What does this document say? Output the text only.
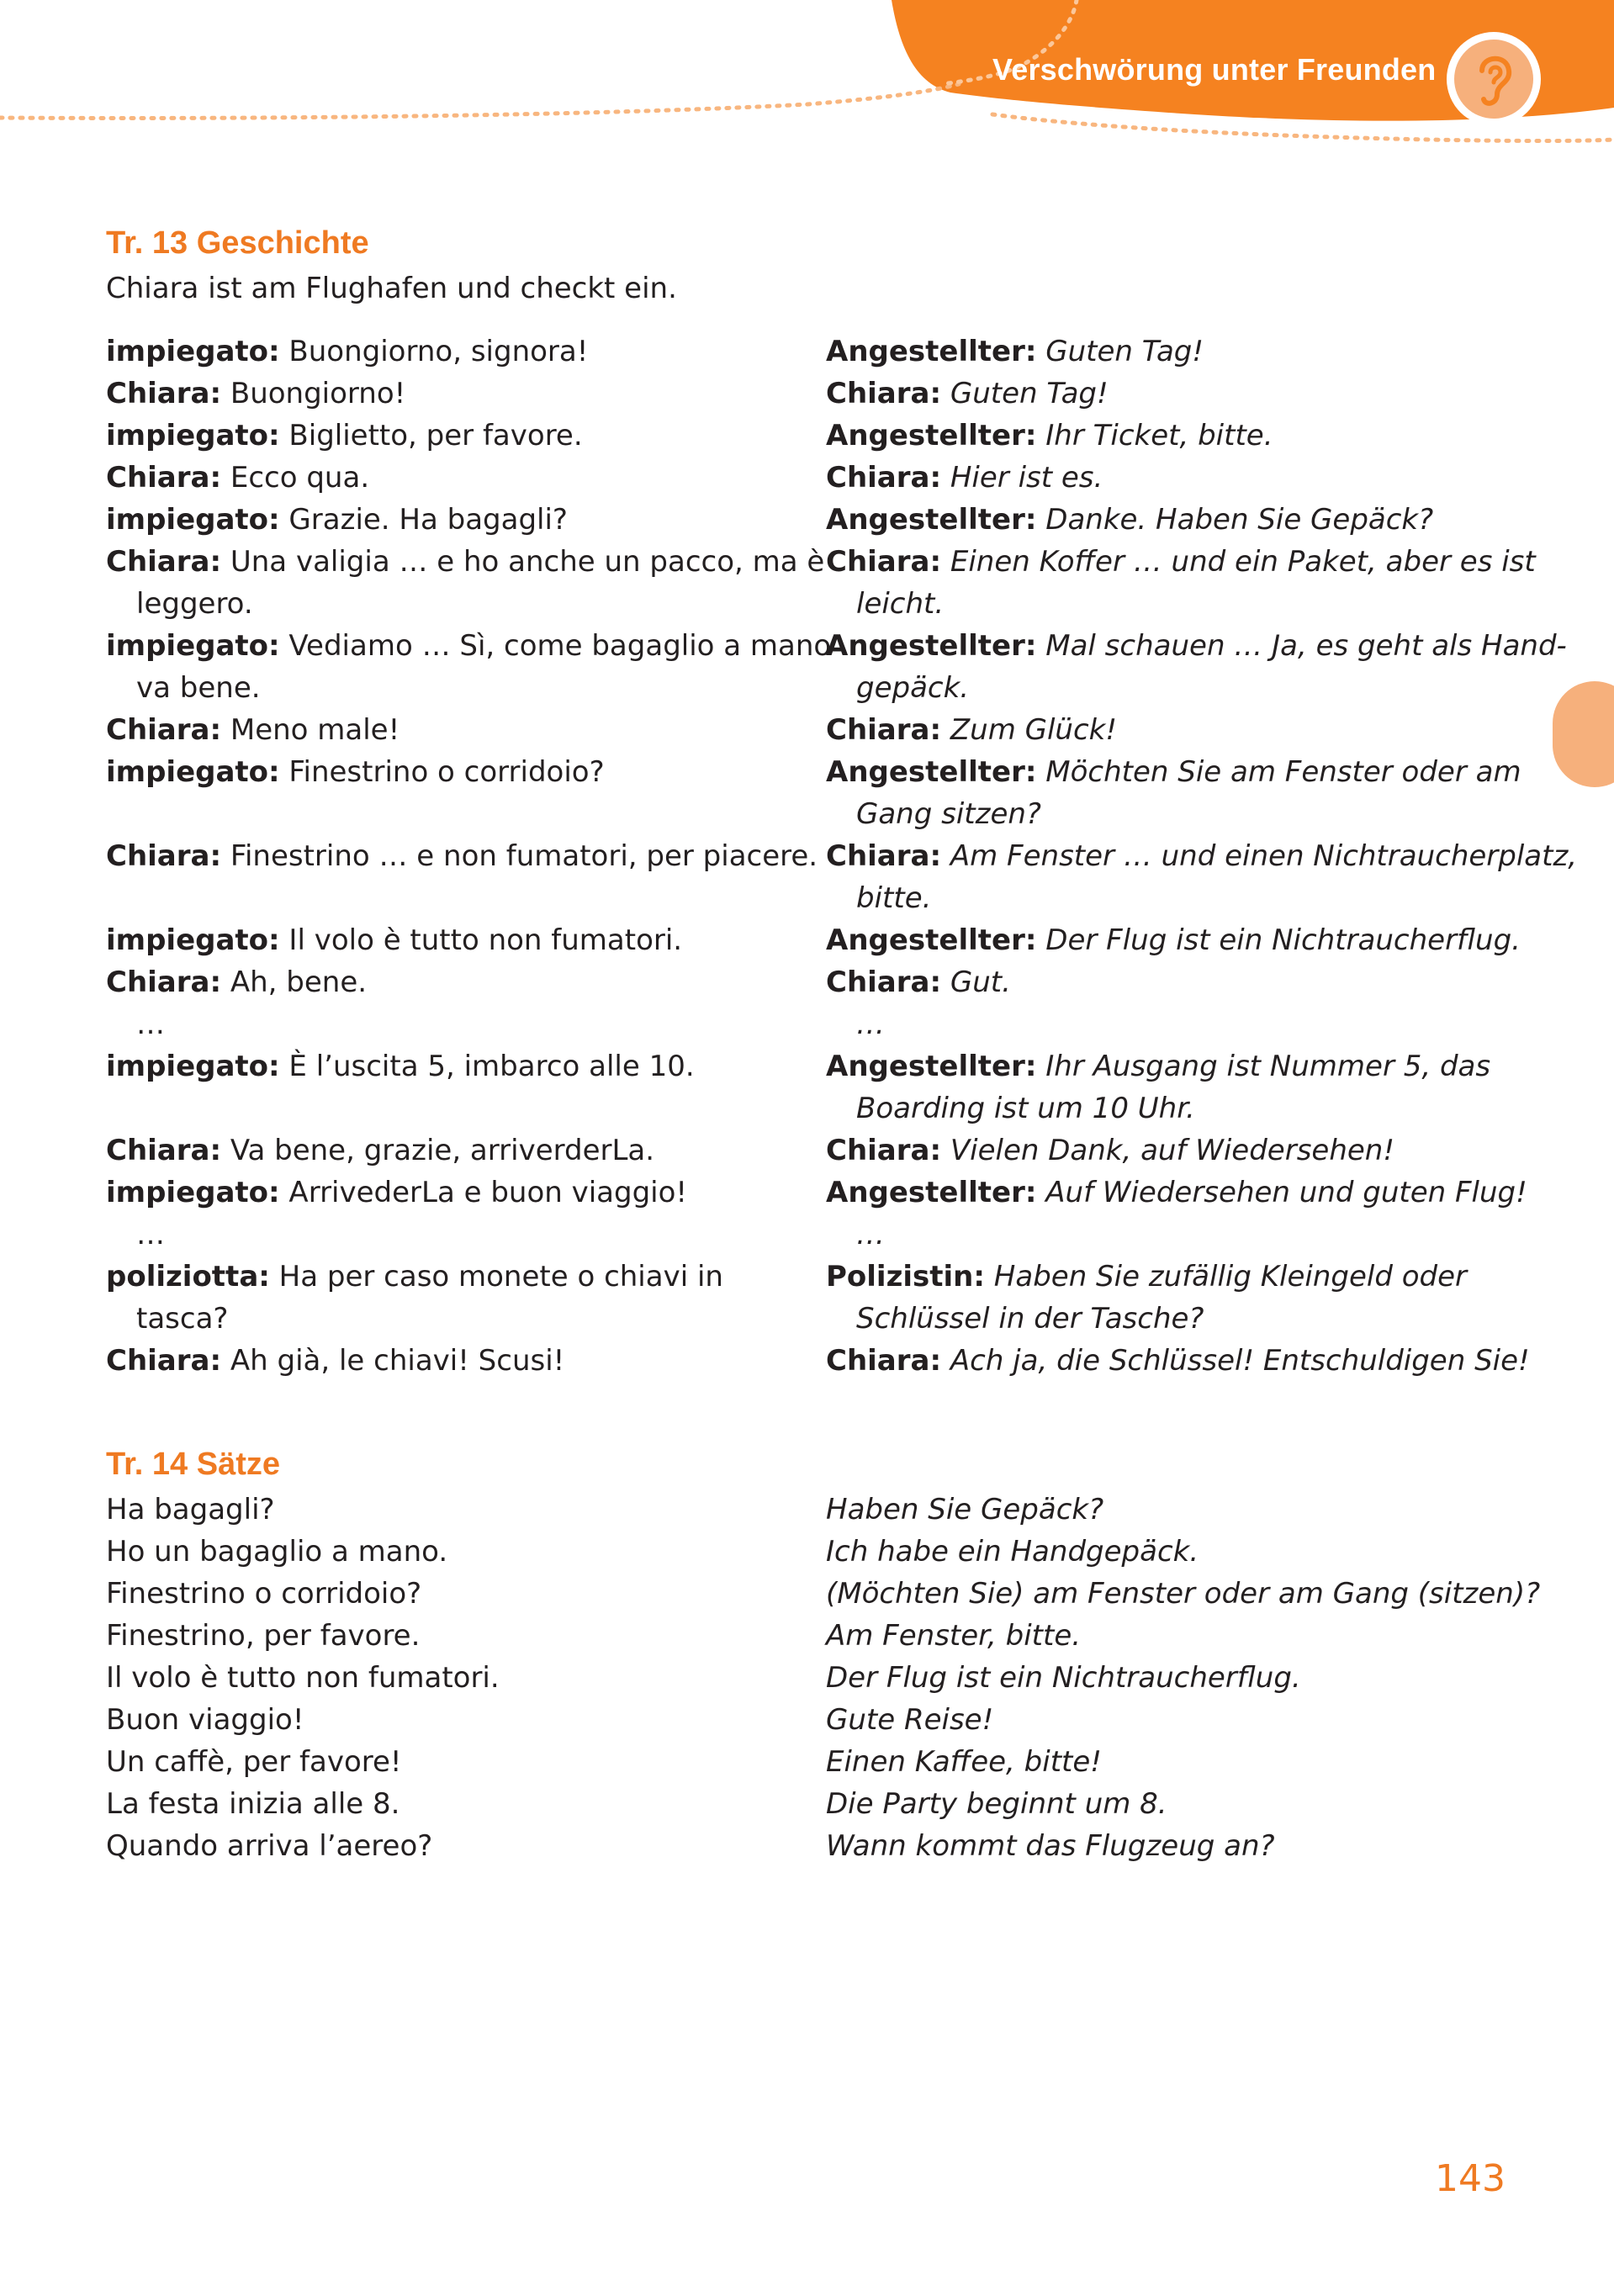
Verschwörung unter Freunden
Tr. 13 Geschichte
Chiara ist am Flughafen und checkt ein.
impiegato: Buongiorno, signora!
Chiara: Buongiorno!
impiegato: Biglietto, per favore.
Chiara: Ecco qua.
impiegato: Grazie. Ha bagagli?
Chiara: Una valigia … e ho anche un pacco, ma è
leggero.
impiegato: Vediamo … Sì, come bagaglio a mano
va bene.
Chiara: Meno male!
impiegato: Finestrino o corridoio?
Chiara: Finestrino … e non fumatori, per piacere.
impiegato: Il volo è tutto non fumatori.
Chiara: Ah, bene.
…
impiegato: È l’uscita 5, imbarco alle 10.
Chiara: Va bene, grazie, arriverderLa.
impiegato: ArrivederLa e buon viaggio!
…
poliziotta: Ha per caso monete o chiavi in
tasca?
Chiara: Ah già, le chiavi! Scusi!
Angestellter: Guten Tag!
Chiara: Guten Tag!
Angestellter: Ihr Ticket, bitte.
Chiara: Hier ist es.
Angestellter: Danke. Haben Sie Gepäck?
Chiara: Einen Koffer … und ein Paket, aber es ist
leicht.
Angestellter: Mal schauen … Ja, es geht als Hand-
gepäck.
Chiara: Zum Glück!
Angestellter: Möchten Sie am Fenster oder am
Gang sitzen?
Chiara: Am Fenster … und einen Nichtraucherplatz,
bitte.
Angestellter: Der Flug ist ein Nichtraucherflug.
Chiara: Gut.
…
Angestellter: Ihr Ausgang ist Nummer 5, das
Boarding ist um 10 Uhr.
Chiara: Vielen Dank, auf Wiedersehen!
Angestellter: Auf Wiedersehen und guten Flug!
…
Polizistin: Haben Sie zufällig Kleingeld oder
Schlüssel in der Tasche?
Chiara: Ach ja, die Schlüssel! Entschuldigen Sie!
Tr. 14 Sätze
Ha bagagli?
Ho un bagaglio a mano.
Finestrino o corridoio?
Finestrino, per favore.
Il volo è tutto non fumatori.
Buon viaggio!
Un caffè, per favore!
La festa inizia alle 8.
Quando arriva l’aereo?
Haben Sie Gepäck?
Ich habe ein Handgepäck.
(Möchten Sie) am Fenster oder am Gang (sitzen)?
Am Fenster, bitte.
Der Flug ist ein Nichtraucherflug.
Gute Reise!
Einen Kaffee, bitte!
Die Party beginnt um 8.
Wann kommt das Flugzeug an?
143
